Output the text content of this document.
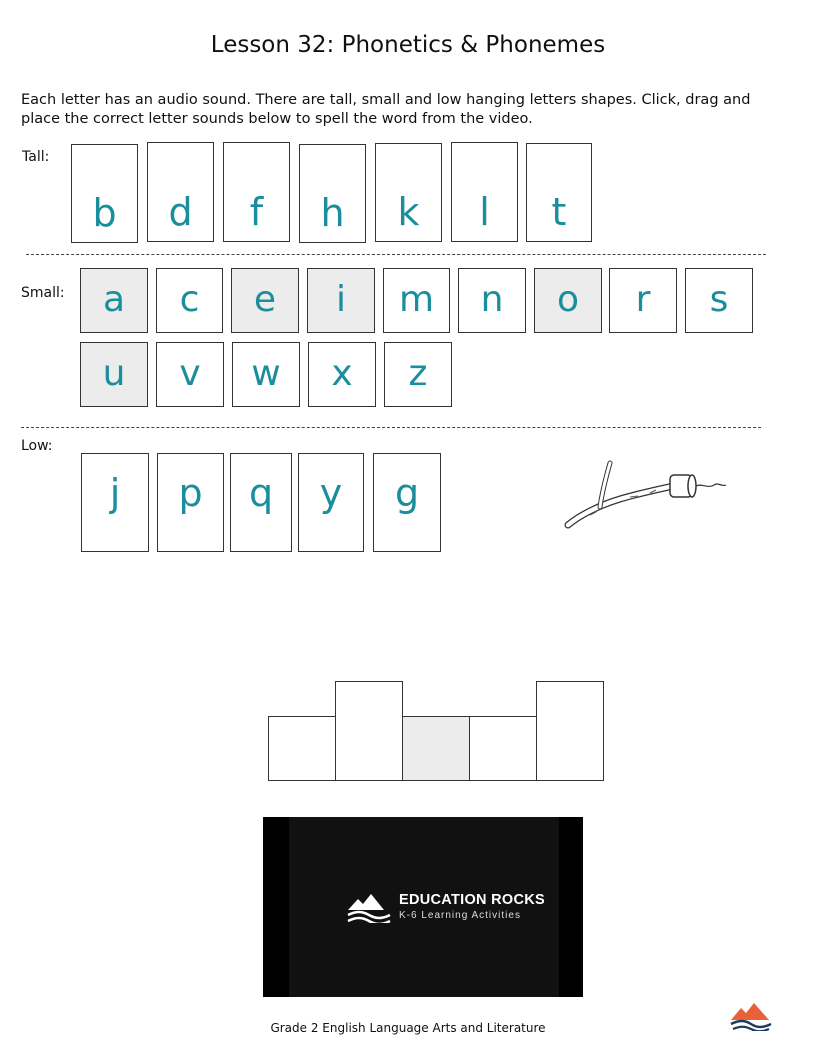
Lesson 32: Phonetics & Phonemes
Each letter has an audio sound. There are tall, small and low hanging letters shapes. Click, drag and place the correct letter sounds below to spell the word from the video.
Tall:
b	d	f	h	k	l	t
Small:	a	c	e	i	m	n	o	r	s
u	v	w	x	z
Low:
j	p	q	y	g
EDUCATION ROCKS
K-6 Learning Activities
Grade 2 English Language Arts and Literature
